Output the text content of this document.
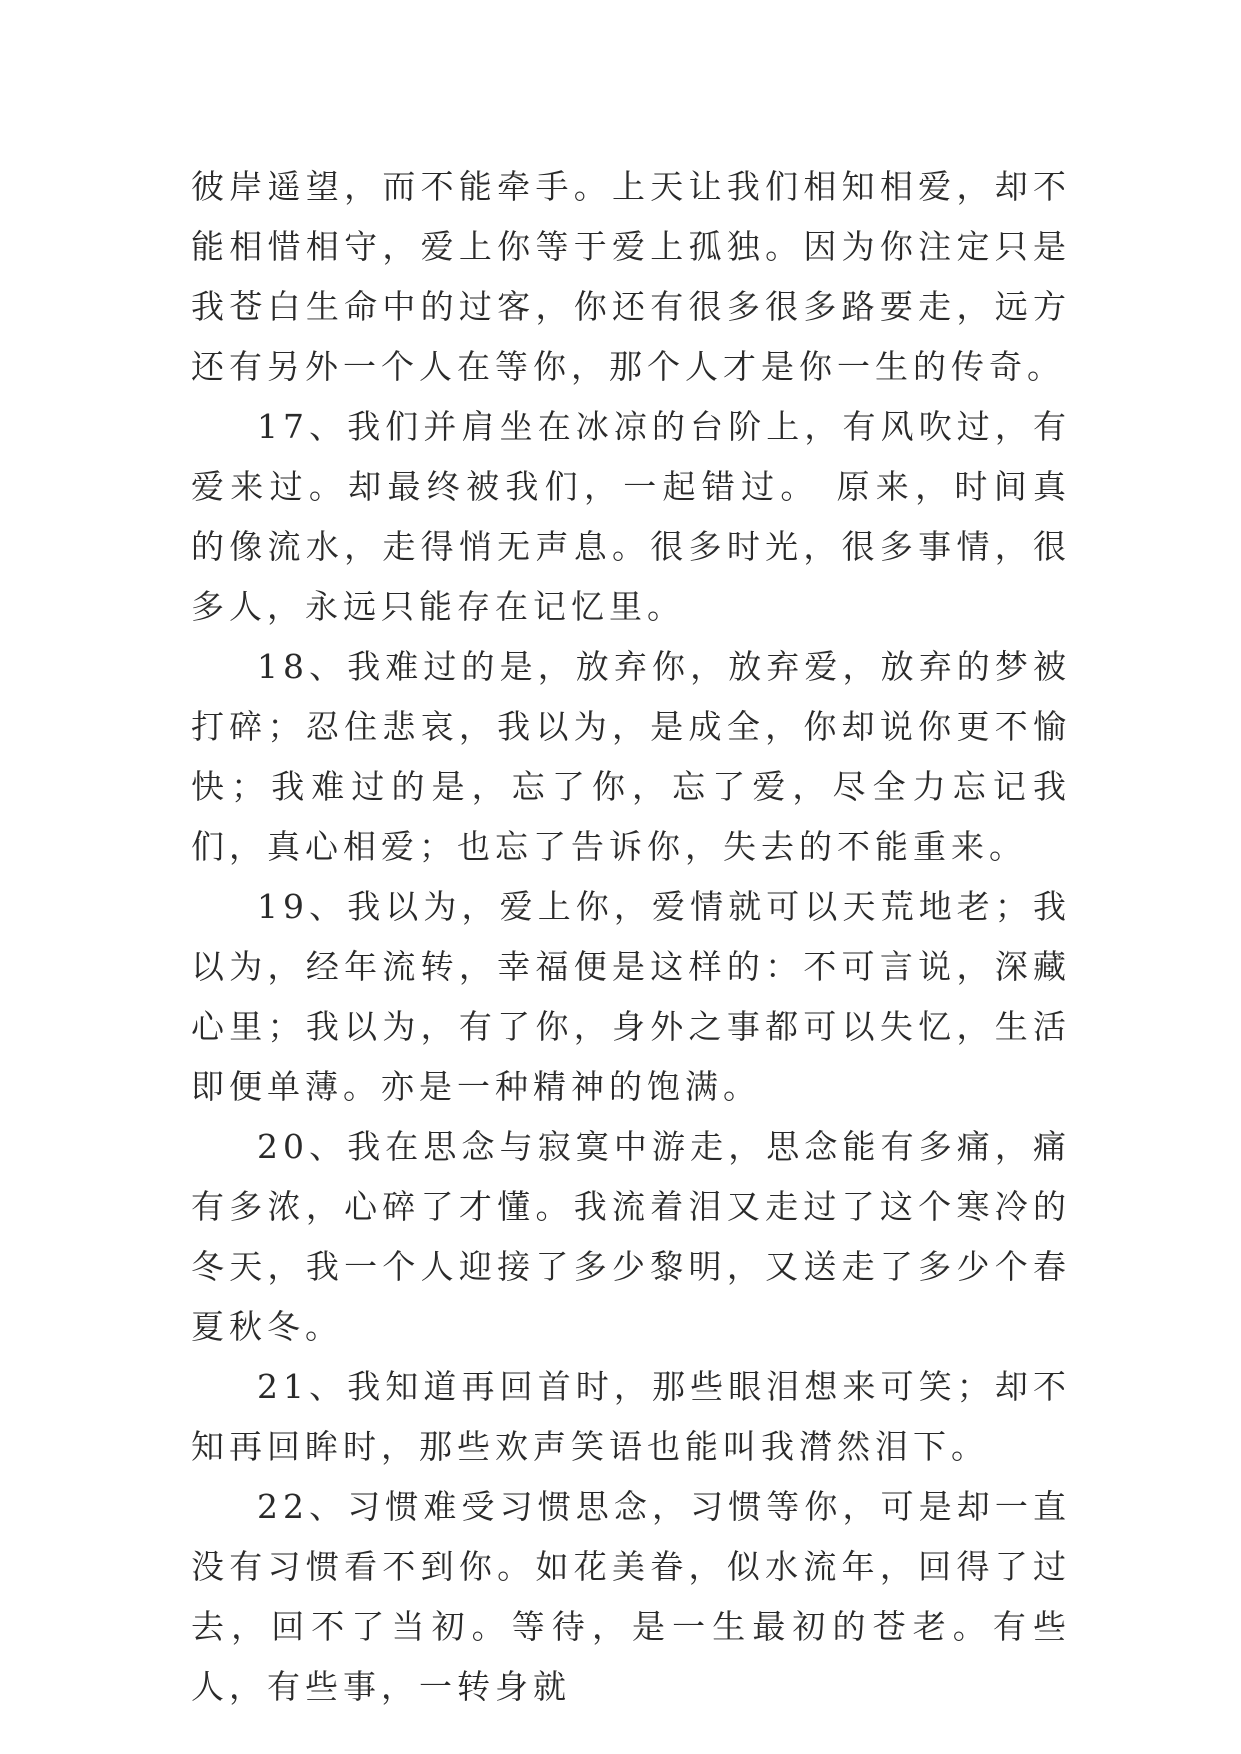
彼岸遥望，而不能牵手。上天让我们相知相爱，却不能相惜相守，爱上你等于爱上孤独。因为你注定只是我苍白生命中的过客，你还有很多很多路要走，远方还有另外一个人在等你，那个人才是你一生的传奇。

17、我们并肩坐在冰凉的台阶上，有风吹过，有爱来过。却最终被我们，一起错过。 原来，时间真的像流水，走得悄无声息。很多时光，很多事情，很多人，永远只能存在记忆里。

18、我难过的是，放弃你，放弃爱，放弃的梦被打碎；忍住悲哀，我以为，是成全，你却说你更不愉快；我难过的是，忘了你，忘了爱，尽全力忘记我们，真心相爱；也忘了告诉你，失去的不能重来。

19、我以为，爱上你，爱情就可以天荒地老；我以为，经年流转，幸福便是这样的：不可言说，深藏心里；我以为，有了你，身外之事都可以失忆，生活即便单薄。亦是一种精神的饱满。

20、我在思念与寂寞中游走，思念能有多痛，痛有多浓，心碎了才懂。我流着泪又走过了这个寒冷的冬天，我一个人迎接了多少黎明，又送走了多少个春夏秋冬。

21、我知道再回首时，那些眼泪想来可笑；却不知再回眸时，那些欢声笑语也能叫我潸然泪下。

22、习惯难受习惯思念，习惯等你，可是却一直没有习惯看不到你。如花美眷，似水流年，回得了过去，回不了当初。等待，是一生最初的苍老。有些人，有些事，一转身就
